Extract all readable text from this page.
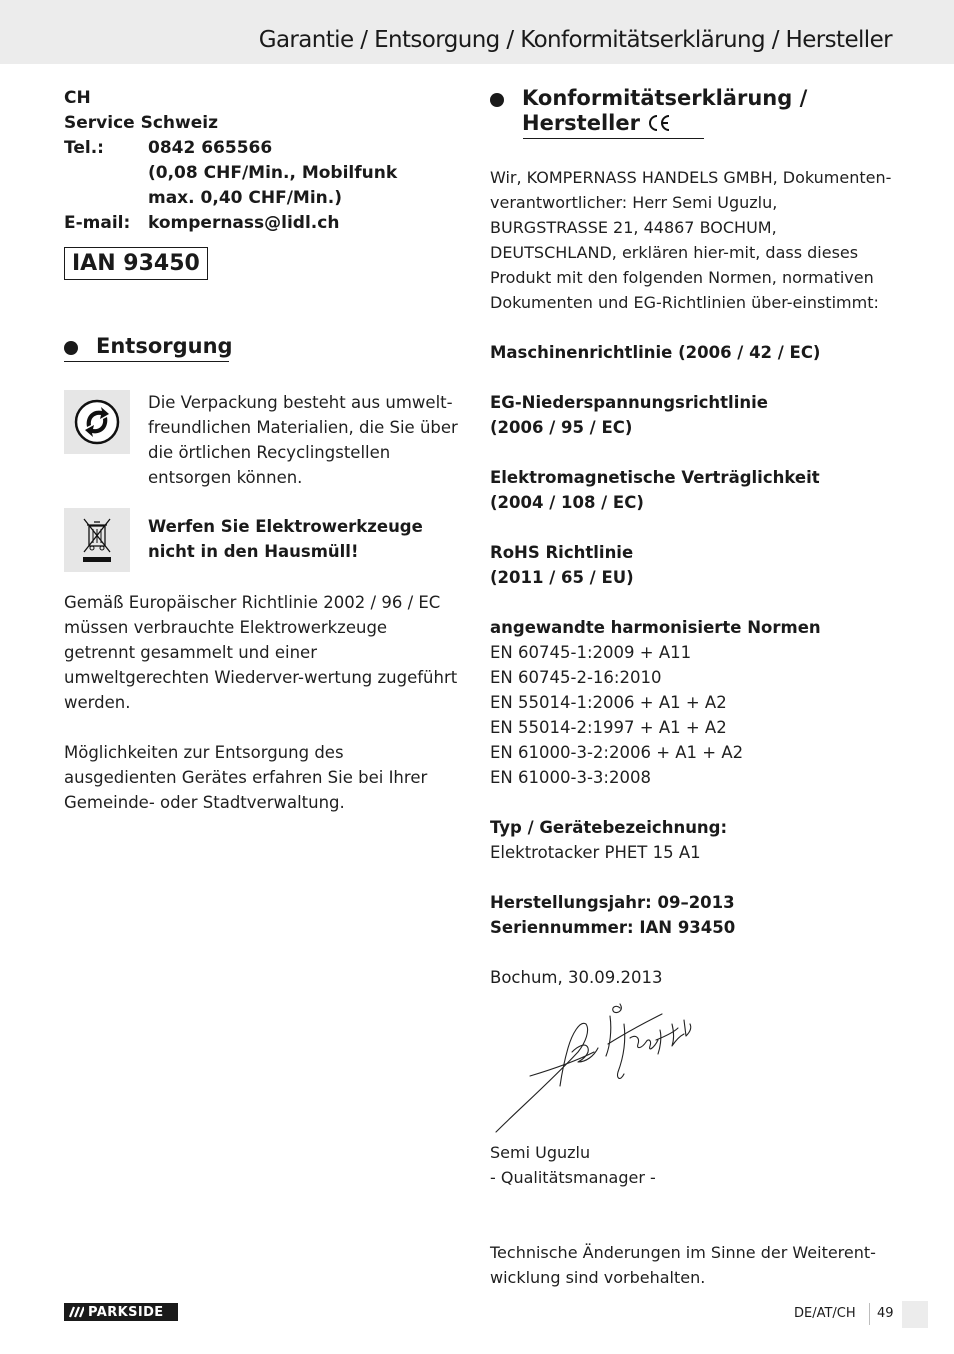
Garantie / Entsorgung / Konformitätserklärung / Hersteller
CH
Service Schweiz
Tel.:	0842 665566
(0,08 CHF/Min., Mobilfunk
max. 0,40 CHF/Min.)
E-mail:	kompernass@lidl.ch
IAN 93450
Entsorgung
Die Verpackung besteht aus umwelt-freundlichen Materialien, die Sie über die örtlichen Recyclingstellen entsorgen können.
Werfen Sie Elektrowerkzeuge nicht in den Hausmüll!
Gemäß Europäischer Richtlinie 2002 / 96 / EC müssen verbrauchte Elektrowerkzeuge getrennt gesammelt und einer umweltgerechten Wiederver-wertung zugeführt werden.
Möglichkeiten zur Entsorgung des ausgedienten Gerätes erfahren Sie bei Ihrer Gemeinde- oder Stadtverwaltung.
Konformitätserklärung /
Hersteller
Wir, KOMPERNASS HANDELS GMBH, Dokumenten-verantwortlicher: Herr Semi Uguzlu, BURGSTRASSE 21, 44867 BOCHUM, DEUTSCHLAND, erklären hier-mit, dass dieses Produkt mit den folgenden Normen, normativen Dokumenten und EG-Richtlinien über-einstimmt:
Maschinenrichtlinie (2006 / 42 / EC)
EG-Niederspannungsrichtlinie
(2006 / 95 / EC)
Elektromagnetische Verträglichkeit
(2004 / 108 / EC)
RoHS Richtlinie
(2011 / 65 / EU)
angewandte harmonisierte Normen
EN 60745-1:2009 + A11
EN 60745-2-16:2010
EN 55014-1:2006 + A1 + A2
EN 55014-2:1997 + A1 + A2
EN 61000-3-2:2006 + A1 + A2
EN 61000-3-3:2008
Typ / Gerätebezeichnung:
Elektrotacker PHET 15 A1
Herstellungsjahr: 09–2013
Seriennummer: IAN 93450
Bochum, 30.09.2013
Semi Uguzlu
- Qualitätsmanager -
Technische Änderungen im Sinne der Weiterent-wicklung sind vorbehalten.
PARKSIDE	DE/AT/CH 49
